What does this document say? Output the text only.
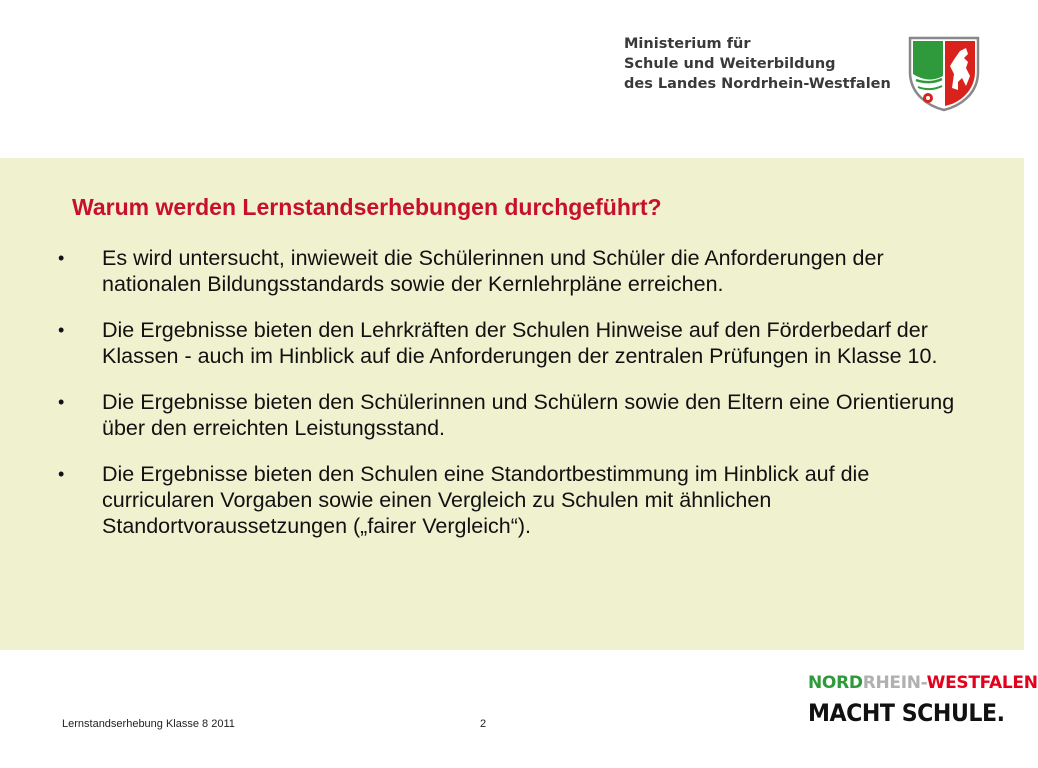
Ministerium für
Schule und Weiterbildung
des Landes Nordrhein-Westfalen
Warum werden Lernstandserhebungen durchgeführt?
• Es wird untersucht, inwieweit die Schülerinnen und Schüler die Anforderungen der nationalen Bildungsstandards sowie der Kernlehrpläne erreichen.
• Die Ergebnisse bieten den Lehrkräften der Schulen Hinweise auf den Förderbedarf der Klassen - auch im Hinblick auf die Anforderungen der zentralen Prüfungen in Klasse 10.
• Die Ergebnisse bieten den Schülerinnen und Schülern sowie den Eltern eine Orientierung über den erreichten Leistungsstand.
• Die Ergebnisse bieten den Schulen eine Standortbestimmung im Hinblick auf die curricularen Vorgaben sowie einen Vergleich zu Schulen mit ähnlichen Standortvoraussetzungen („fairer Vergleich“).
Lernstandserhebung Klasse 8 2011	2
NORDRHEIN-WESTFALEN
MACHT SCHULE.
